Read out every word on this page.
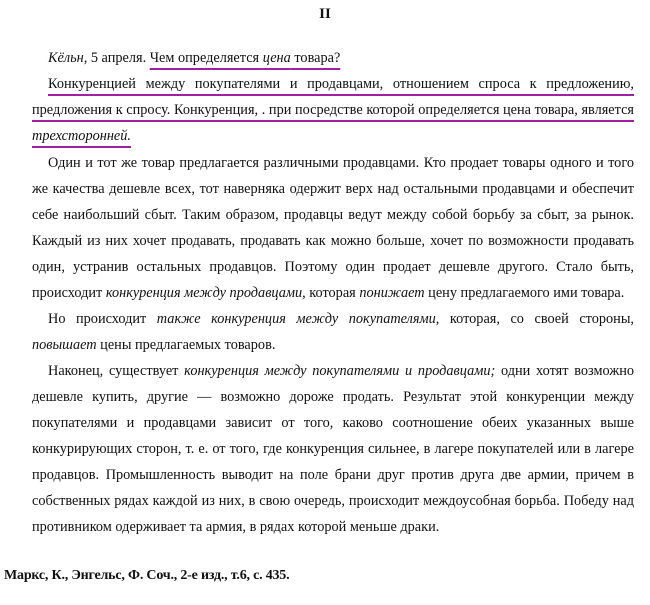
II

Кёльн, 5 апреля. Чем определяется цена товара?

Конкуренцией между покупателями и продавцами, отношением спроса к предложению, предложения к спросу. Конкуренция, . при посредстве которой определяется цена товара, является трехсторонней.

Один и тот же товар предлагается различными продавцами. Кто продает товары одного и того же качества дешевле всех, тот наверняка одержит верх над остальными продавцами и обеспечит себе наибольший сбыт. Таким образом, продавцы ведут между собой борьбу за сбыт, за рынок. Каждый из них хочет продавать, продавать как можно больше, хочет по возможности продавать один, устранив остальных продавцов. Поэтому один продает дешевле другого. Стало быть, происходит конкуренция между продавцами, которая понижает цену предлагаемого ими товара.

Но происходит также конкуренция между покупателями, которая, со своей стороны, повышает цены предлагаемых товаров.

Наконец, существует конкуренция между покупателями и продавцами; одни хотят возможно дешевле купить, другие — возможно дороже продать. Результат этой конкуренции между покупателями и продавцами зависит от того, каково соотношение обеих указанных выше конкурирующих сторон, т. е. от того, где конкуренция сильнее, в лагере покупателей или в лагере продавцов. Промышленность выводит на поле брани друг против друга две армии, причем в собственных рядах каждой из них, в свою очередь, происходит междоусобная борьба. Победу над противником одерживает та армия, в рядах которой меньше драки.

Маркс, К., Энгельс, Ф. Соч., 2-е изд., т.6, с. 435.
